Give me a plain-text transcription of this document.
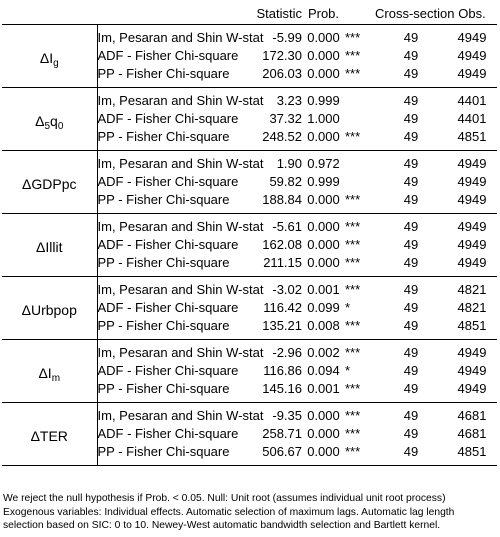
		Statistic	Prob.		Cross-section	Obs.
$\Delta I_g$	Im, Pesaran and Shin W-stat	-5.99	0.000	***	49	4949
	ADF - Fisher Chi-square	172.30	0.000	***	49	4949
	PP - Fisher Chi-square	206.03	0.000	***	49	4949
$\Delta_5q_0$	Im, Pesaran and Shin W-stat	3.23	0.999		49	4401
	ADF - Fisher Chi-square	37.32	1.000		49	4401
	PP - Fisher Chi-square	248.52	0.000	***	49	4851
ΔGDPpc	Im, Pesaran and Shin W-stat	1.90	0.972		49	4949
	ADF - Fisher Chi-square	59.82	0.999		49	4949
	PP - Fisher Chi-square	188.84	0.000	***	49	4949
ΔIllit	Im, Pesaran and Shin W-stat	-5.61	0.000	***	49	4949
	ADF - Fisher Chi-square	162.08	0.000	***	49	4949
	PP - Fisher Chi-square	211.15	0.000	***	49	4949
ΔUrbpop	Im, Pesaran and Shin W-stat	-3.02	0.001	***	49	4821
	ADF - Fisher Chi-square	116.42	0.099	*	49	4821
	PP - Fisher Chi-square	135.21	0.008	***	49	4851
$\Delta I_m$	Im, Pesaran and Shin W-stat	-2.96	0.002	***	49	4949
	ADF - Fisher Chi-square	116.86	0.094	*	49	4949
	PP - Fisher Chi-square	145.16	0.001	***	49	4949
ΔTER	Im, Pesaran and Shin W-stat	-9.35	0.000	***	49	4681
	ADF - Fisher Chi-square	258.71	0.000	***	49	4681
	PP - Fisher Chi-square	506.67	0.000	***	49	4851

We reject the null hypothesis if Prob. < 0.05. Null: Unit root (assumes individual unit root process)

Exogenous variables: Individual effects. Automatic selection of maximum lags. Automatic lag length selection based on SIC: 0 to 10. Newey-West automatic bandwidth selection and Bartlett kernel.
